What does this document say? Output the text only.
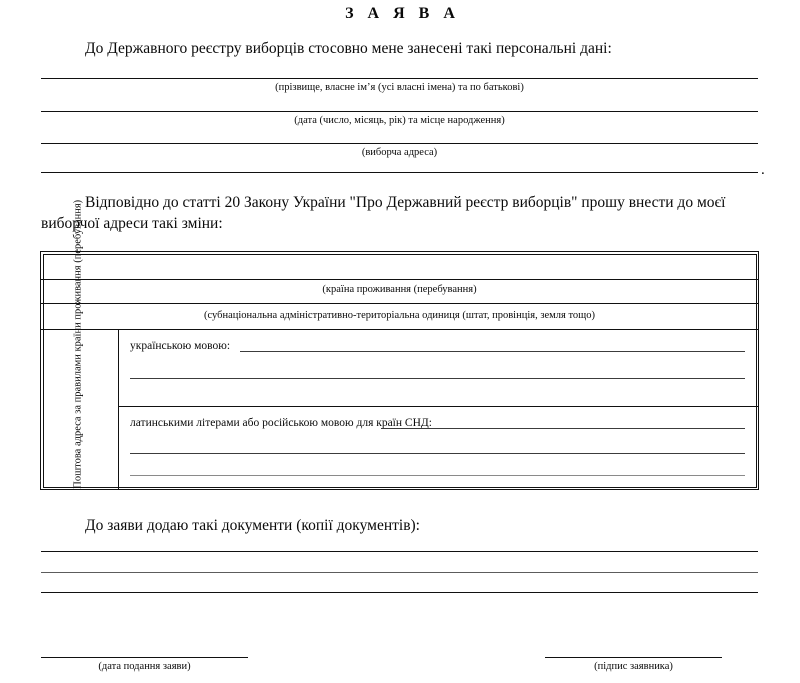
З А Я В А
До Державного реєстру виборців стосовно мене занесені такі персональні дані:
(прізвище, власне ім’я (усі власні імена) та по батькові)
(дата (число, місяць, рік) та місце народження)
(виборча адреса)
.
Відповідно до статті 20 Закону України "Про Державний реєстр виборців" прошу внести до моєї виборчої адреси такі зміни:
(країна проживання (перебування)
(субнаціональна адміністративно-територіальна одиниця (штат, провінція, земля тощо)
Поштова адреса за правилами країни проживання (перебування)	українською мовою:
латинськими літерами або російською мовою для країн СНД:
До заяви додаю такі документи (копії документів):
(дата подання заяви)	(підпис заявника)
